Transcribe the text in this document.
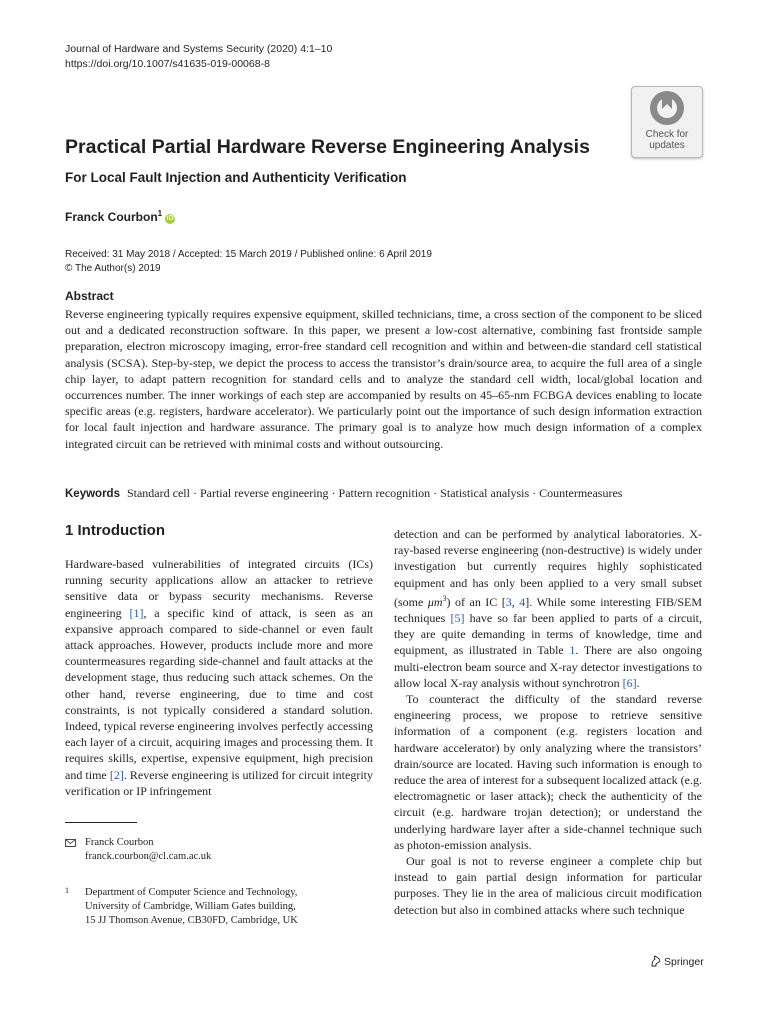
Journal of Hardware and Systems Security (2020) 4:1–10
https://doi.org/10.1007/s41635-019-00068-8
Check for
updates
Practical Partial Hardware Reverse Engineering Analysis
For Local Fault Injection and Authenticity Verification
Franck Courbon$^1$iD
Received: 31 May 2018 / Accepted: 15 March 2019 / Published online: 6 April 2019
© The Author(s) 2019
Abstract

Reverse engineering typically requires expensive equipment, skilled technicians, time, a cross section of the component to be sliced out and a dedicated reconstruction software. In this paper, we present a low-cost alternative, combining fast frontside sample preparation, electron microscopy imaging, error-free standard cell recognition and within and between-die standard cell statistical analysis (SCSA). Step-by-step, we depict the process to access the transistor’s drain/source area, to acquire the full area of a single chip layer, to adapt pattern recognition for standard cells and to analyze the standard cell width, local/global location and occurrences number. The inner workings of each step are accompanied by results on 45–65-nm FCBGA devices enabling to locate specific areas (e.g. registers, hardware accelerator). We particularly point out the importance of such design information extraction for local fault injection and hardware assurance. The primary goal is to analyze how much design information of a complex integrated circuit can be retrieved with minimal costs and without outsourcing.

Keywords Standard cell · Partial reverse engineering · Pattern recognition · Statistical analysis · Countermeasures
1 Introduction

Hardware-based vulnerabilities of integrated circuits (ICs) running security applications allow an attacker to retrieve sensitive data or bypass security mechanisms. Reverse engineering [1], a specific kind of attack, is seen as an expansive approach compared to side-channel or even fault attack approaches. However, products include more and more countermeasures regarding side-channel and fault attacks at the development stage, thus reducing such attack schemes. On the other hand, reverse engineering, due to time and cost constraints, is not typically considered a standard solution. Indeed, typical reverse engineering involves perfectly accessing each layer of a circuit, acquiring images and processing them. It requires skills, expertise, expensive equipment, high precision and time [2]. Reverse engineering is utilized for circuit integrity verification or IP infringement

detection and can be performed by analytical laboratories. X-ray-based reverse engineering (non-destructive) is widely under investigation but currently requires highly sophisticated equipment and has only been applied to a very small subset (some $\mu m^3$) of an IC [3, 4]. While some interesting FIB/SEM techniques [5] have so far been applied to parts of a circuit, they are quite demanding in terms of knowledge, time and equipment, as illustrated in Table 1. There are also ongoing multi-electron beam source and X-ray detector investigations to allow local X-ray analysis without synchrotron [6].

To counteract the difficulty of the standard reverse engineering process, we propose to retrieve sensitive information of a component (e.g. registers location and hardware accelerator) by only analyzing where the transistors’ drain/source are located. Having such information is enough to reduce the area of interest for a subsequent localized attack (e.g. electromagnetic or laser attack); check the authenticity of the circuit (e.g. hardware trojan detection); or understand the underlying hardware layer after a side-channel technique such as photon-emission analysis.

Our goal is not to reverse engineer a complete chip but instead to gain partial design information for particular purposes. They lie in the area of malicious circuit modification detection but also in combined attacks where such technique

Franck Courbon
franck.courbon@cl.cam.ac.uk
1 Department of Computer Science and Technology,
University of Cambridge, William Gates building,
15 JJ Thomson Avenue, CB30FD, Cambridge, UK
Springer
